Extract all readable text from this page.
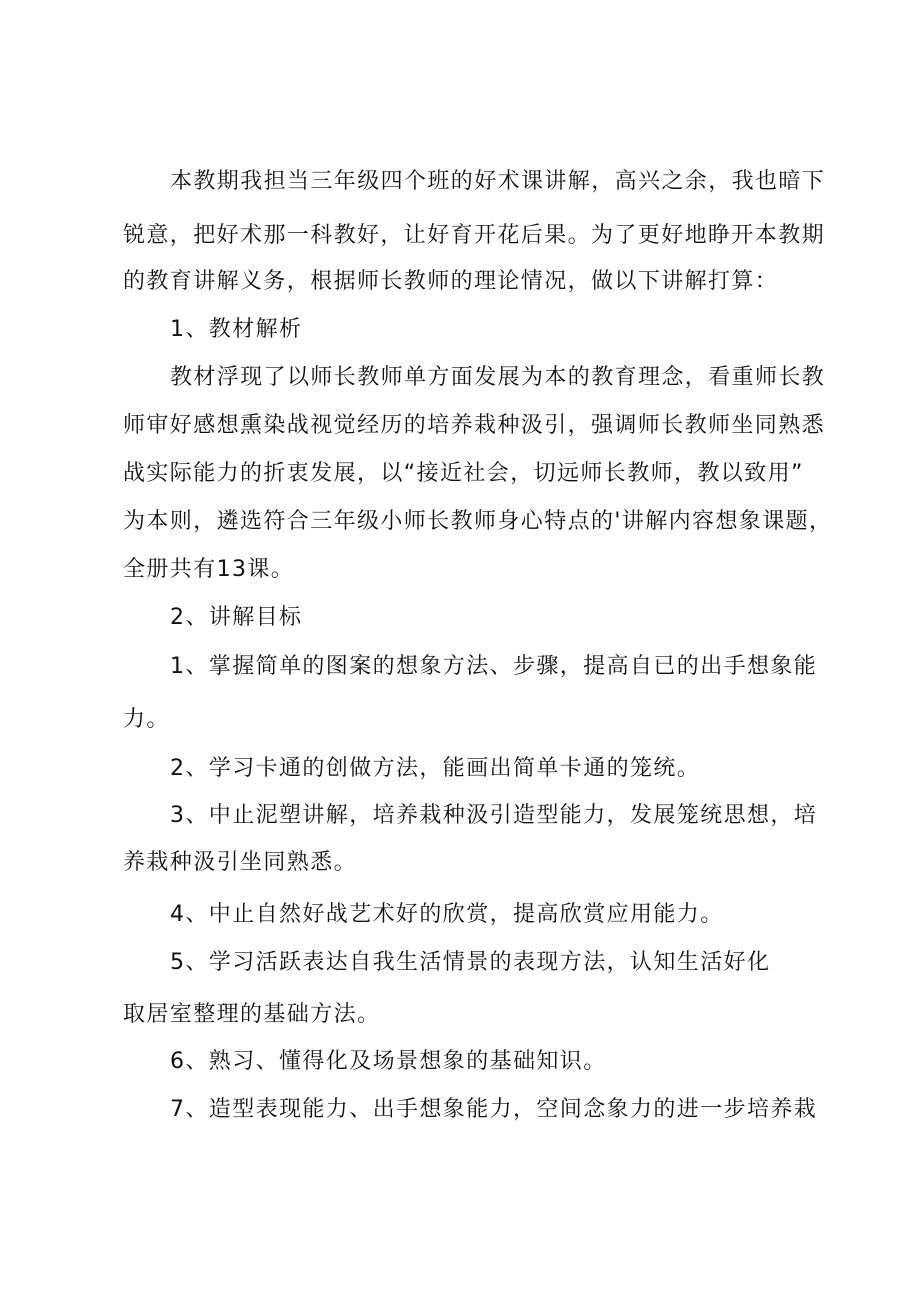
本教期我担当三年级四个班的好术课讲解，高兴之余，我也暗下
锐意，把好术那一科教好，让好育开花后果。为了更好地睁开本教期
的教育讲解义务，根据师长教师的理论情况，做以下讲解打算：
1、教材解析
教材浮现了以师长教师单方面发展为本的教育理念，看重师长教
师审好感想熏染战视觉经历的培养栽种汲引，强调师长教师坐同熟悉
战实际能力的折衷发展，以“接近社会，切远师长教师，教以致用”
为本则，遴选符合三年级小师长教师身心特点的'讲解内容想象课题，
全册共有13课。
2、讲解目标
1、掌握简单的图案的想象方法、步骤，提高自已的出手想象能
力。
2、学习卡通的创做方法，能画出简单卡通的笼统。
3、中止泥塑讲解，培养栽种汲引造型能力，发展笼统思想，培
养栽种汲引坐同熟悉。
4、中止自然好战艺术好的欣赏，提高欣赏应用能力。
5、学习活跃表达自我生活情景的表现方法，认知生活好化
取居室整理的基础方法。
6、熟习、懂得化及场景想象的基础知识。
7、造型表现能力、出手想象能力，空间念象力的进一步培养栽
